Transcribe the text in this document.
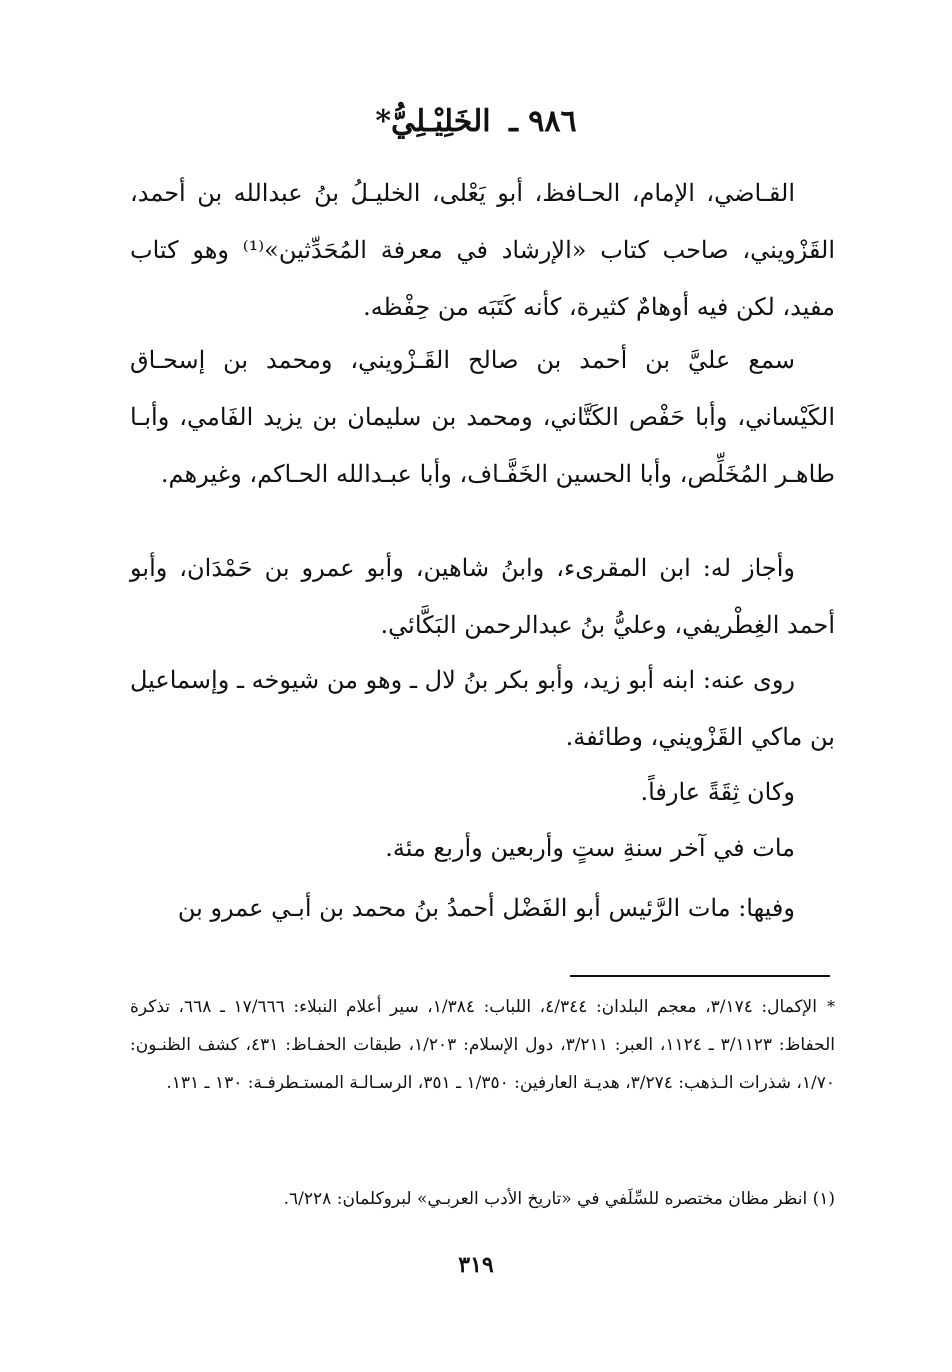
٩٨٦ ـ الخَلِيْـلِيُّ*
القـاضي، الإمام، الحـافظ، أبو يَعْلى، الخليـلُ بنُ عبدالله بن أحمد، القَزْويني، صاحب كتاب «الإرشاد في معرفة المُحَدِّثين»⁽¹⁾ وهو كتاب مفيد، لكن فيه أوهامٌ كثيرة، كأنه كَتَبَه من حِفْظه.
سمع عليَّ بن أحمد بن صالح القَـزْويني، ومحمد بن إسحـاق الكَيْساني، وأبا حَفْص الكَتَّاني، ومحمد بن سليمان بن يزيد الفَامي، وأبـا طاهـر المُخَلِّص، وأبا الحسين الخَفَّـاف، وأبا عبـدالله الحـاكم، وغيرهم.
وأجاز له: ابن المقرىء، وابنُ شاهين، وأبو عمرو بن حَمْدَان، وأبو أحمد الغِطْريفي، وعليُّ بنُ عبدالرحمن البَكَّائي.
روى عنه: ابنه أبو زيد، وأبو بكر بنُ لال ـ وهو من شيوخه ـ وإسماعيل بن ماكي القَزْويني، وطائفة.
وكان ثِقَةً عارفاً.
مات في آخر سنةِ ستٍ وأربعين وأربع مئة.
وفيها: مات الرَّئيس أبو الفَضْل أحمدُ بنُ محمد بن أبـي عمرو بن
*الإكمال: ٣/١٧٤، معجم البلدان: ٤/٣٤٤، اللباب: ١/٣٨٤، سير أعلام النبلاء: ١٧/٦٦٦ ـ ٦٦٨، تذكرة الحفاظ: ٣/١١٢٣ ـ ١١٢٤، العبر: ٣/٢١١، دول الإسلام: ١/٢٠٣، طبقات الحفـاظ: ٤٣١، كشف الظنـون: ١/٧٠، شذرات الـذهب: ٣/٢٧٤، هديـة العارفين: ١/٣٥٠ ـ ٣٥١، الرسـالـة المستـطرفـة: ١٣٠ ـ ١٣١.
(١) انظر مظان مختصره للسِّلَفي في «تاريخ الأدب العربـي» لبروكلمان: ٦/٢٢٨.
٣١٩
